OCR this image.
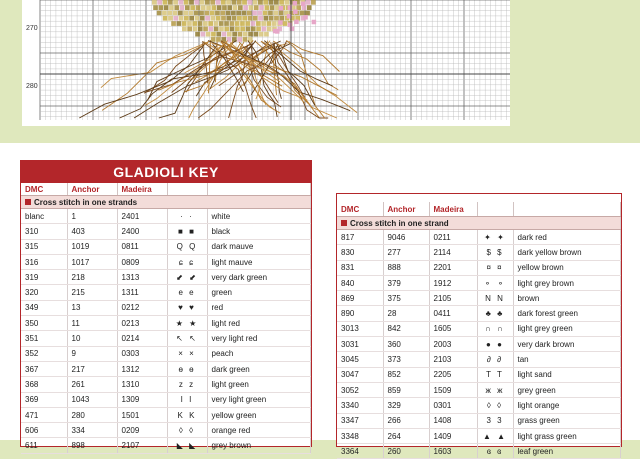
270
280
GLADIOLI KEY
DMC	Anchor	Madeira		
Cross stitch in one strands				
blanc	1	2401	· ·	white
310	403	2400	■ ■	black
315	1019	0811	Q Q	dark mauve
316	1017	0809	ɕ ɕ	light mauve
319	218	1313	⬋ ⬋	very dark green
320	215	1311	e e	green
349	13	0212	♥ ♥	red
350	11	0213	★ ★	light red
351	10	0214	↖ ↖	very light red
352	9	0303	× ×	peach
367	217	1312	ɵ ɵ	dark green
368	261	1310	z z	light green
369	1043	1309	I I	very light green
471	280	1501	K K	yellow green
606	334	0209	◊ ◊	orange red
611	898	2107	◣ ◣	grey brown
DMC	Anchor	Madeira		
Cross stitch in one strand				
817	9046	0211	✦ ✦	dark red
830	277	2114	$ $	dark yellow brown
831	888	2201	¤ ¤	yellow brown
840	379	1912	⚬ ⚬	light grey brown
869	375	2105	N N	brown
890	28	0411	♣ ♣	dark forest green
3013	842	1605	∩ ∩	light grey green
3031	360	2003	● ●	very dark brown
3045	373	2103	∂ ∂	tan
3047	852	2205	T T	light sand
3052	859	1509	ж ж	grey green
3340	329	0301	◊ ◊	light orange
3347	266	1408	3 3	grass green
3348	264	1409	▲ ▲	light grass green
3364	260	1603	ɞ ɞ	leaf green
